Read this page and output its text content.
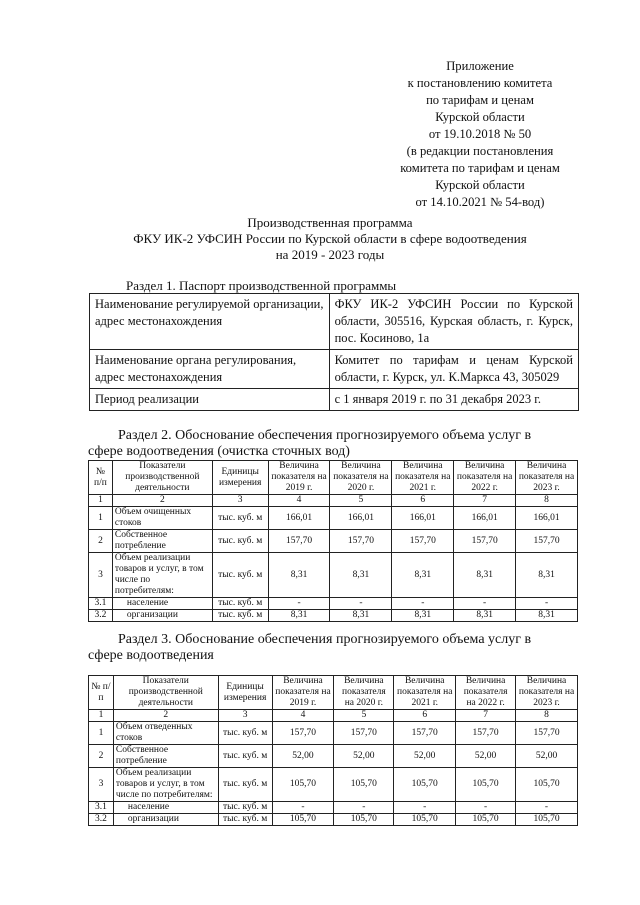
Приложение
к постановлению комитета
по тарифам и ценам
Курской области
от 19.10.2018 № 50
(в редакции постановления
комитета по тарифам и ценам
Курской области
от 14.10.2021 № 54-вод)
Производственная программа
ФКУ ИК-2 УФСИН России по Курской области в сфере водоотведения
на 2019 - 2023 годы
Раздел 1. Паспорт производственной программы
Наименование регулируемой организации, адрес местонахождения	ФКУ ИК-2 УФСИН России по Курской области, 305516, Курская область, г. Курск, пос. Косиново, 1а
Наименование органа регулирования, адрес местонахождения	Комитет по тарифам и ценам Курской области, г. Курск, ул. К.Маркса 43, 305029
Период реализации	с 1 января 2019 г. по 31 декабря 2023 г.
Раздел 2. Обоснование обеспечения прогнозируемого объема услуг в
сфере водоотведения (очистка сточных вод)
№ п/п	Показатели производственной деятельности	Единицы измерения	Величина показателя на 2019 г.	Величина показателя на 2020 г.	Величина показателя на 2021 г.	Величина показателя на 2022 г.	Величина показателя на 2023 г.
1	2	3	4	5	6	7	8
1	Объем очищенных стоков	тыс. куб. м	166,01	166,01	166,01	166,01	166,01
2	Собственное потребление	тыс. куб. м	157,70	157,70	157,70	157,70	157,70
3	Объем реализации товаров и услуг, в том числе по потребителям:	тыс. куб. м	8,31	8,31	8,31	8,31	8,31
3.1	население	тыс. куб. м	-	-	-	-	-
3.2	организации	тыс. куб. м	8,31	8,31	8,31	8,31	8,31
Раздел 3. Обоснование обеспечения прогнозируемого объема услуг в
сфере водоотведения
№ п/п	Показатели производственной деятельности	Единицы измерения	Величина показателя на 2019 г.	Величина показателя на 2020 г.	Величина показателя на 2021 г.	Величина показателя на 2022 г.	Величина показателя на 2023 г.
1	2	3	4	5	6	7	8
1	Объем отведенных стоков	тыс. куб. м	157,70	157,70	157,70	157,70	157,70
2	Собственное потребление	тыс. куб. м	52,00	52,00	52,00	52,00	52,00
3	Объем реализации товаров и услуг, в том числе по потребителям:	тыс. куб. м	105,70	105,70	105,70	105,70	105,70
3.1	население	тыс. куб. м	-	-	-	-	-
3.2	организации	тыс. куб. м	105,70	105,70	105,70	105,70	105,70
